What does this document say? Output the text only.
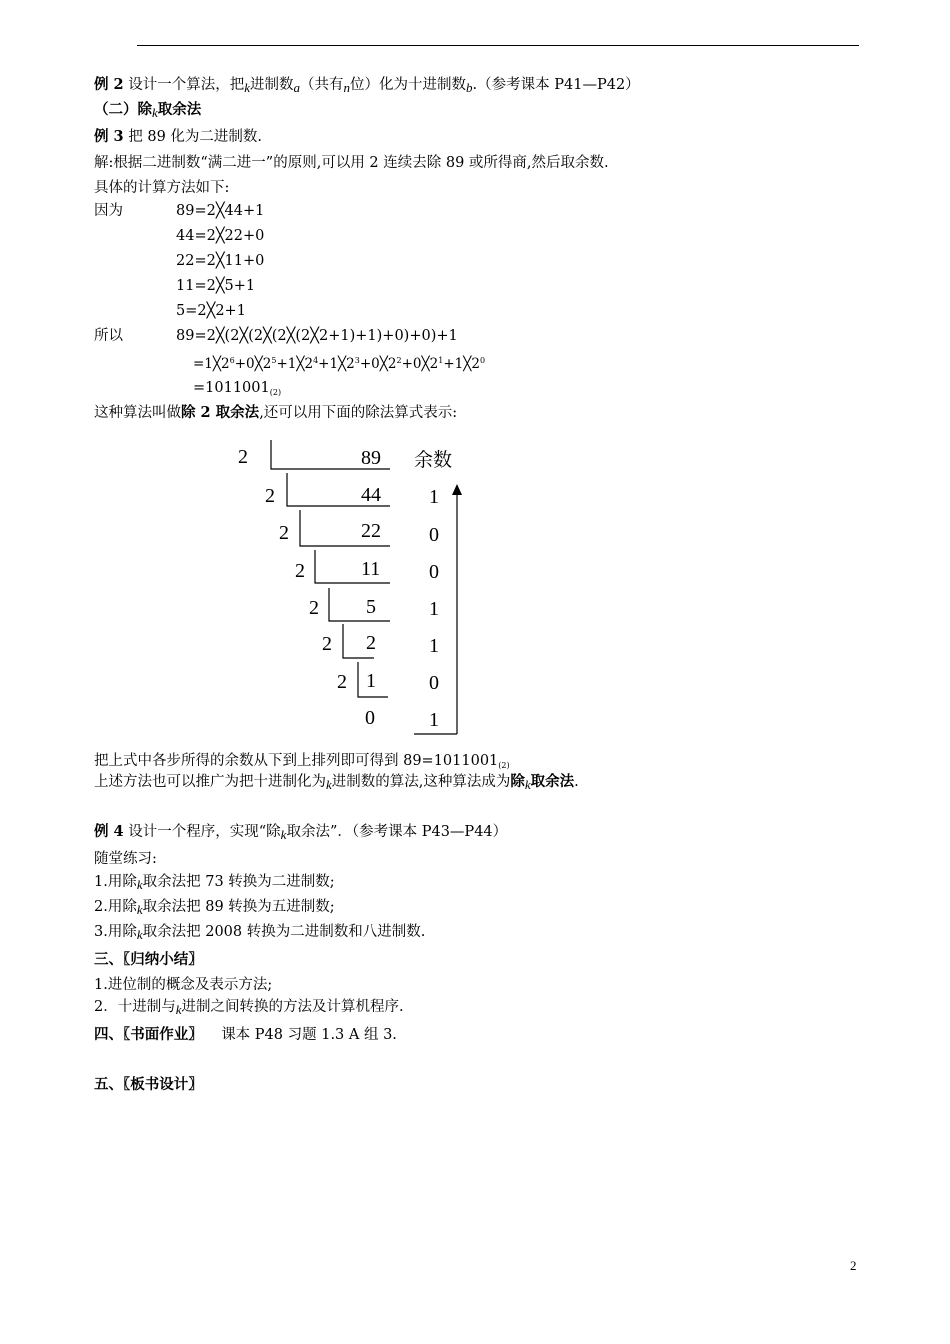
例 2 设计一个算法，把k进制数a（共有n位）化为十进制数b.（参考课本 P41—P42）
（二）除k取余法
例 3 把 89 化为二进制数.
解:根据二进制数“满二进一”的原则,可以用 2 连续去除 89 或所得商,然后取余数.
具体的计算方法如下:
因为	89=2╳44+1
44=2╳22+0
22=2╳11+0
11=2╳5+1
5=2╳2+1
所以	89=2╳(2╳(2╳(2╳(2╳2+1)+1)+0)+0)+1
$=1╳2^6+0╳2^5+1╳2^4+1╳2^3+0╳2^2+0╳2^1+1╳2^0$
$=1011001_{(2)}$
这种算法叫做除 2 取余法,还可以用下面的除法算式表示:
2
2
2
2
2
2
2
89
44
22
11
5
2
1
0
余数
1
0
0
1
1
0
1
把上式中各步所得的余数从下到上排列即可得到 $89=1011001_{(2)}$
上述方法也可以推广为把十进制化为k进制数的算法,这种算法成为除k取余法.
例 4 设计一个程序，实现“除k取余法”．（参考课本 P43—P44）
随堂练习:
1.用除k取余法把 73 转换为二进制数;
2.用除k取余法把 89 转换为五进制数;
3.用除k取余法把 2008 转换为二进制数和八进制数.
三、〖归纳小结〗
1.进位制的概念及表示方法;
2．十进制与k进制之间转换的方法及计算机程序.
四、〖书面作业〗 课本 P48 习题 1.3 A 组 3.
五、〖板书设计〗
2
